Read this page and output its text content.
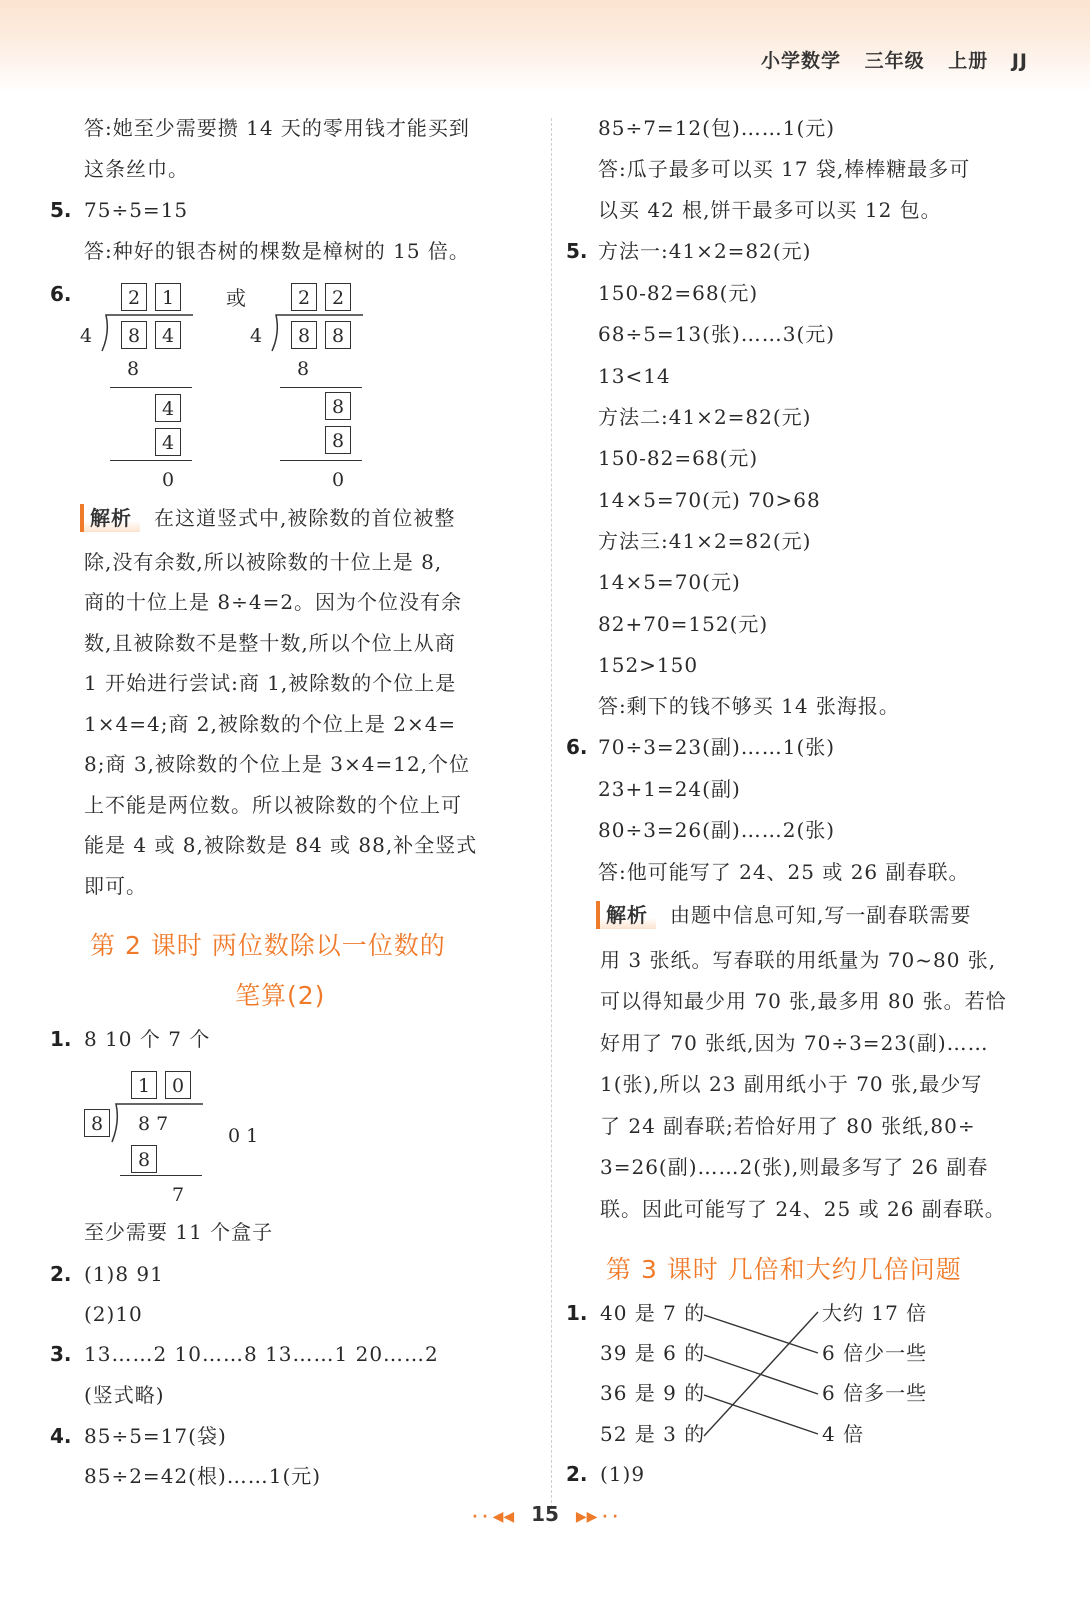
小学数学 三年级 上册 JJ
答:她至少需要攒 14 天的零用钱才能买到
这条丝巾。
5. 75÷5=15
答:种好的银杏树的棵数是樟树的 15 倍。
6.	2	1
4	8	4
8
4
4
0
或	2	2
4	8	8
8
8
8
0
解析 在这道竖式中,被除数的首位被整
除,没有余数,所以被除数的十位上是 8,
商的十位上是 8÷4=2。因为个位没有余
数,且被除数不是整十数,所以个位上从商
1 开始进行尝试:商 1,被除数的个位上是
1×4=4;商 2,被除数的个位上是 2×4=
8;商 3,被除数的个位上是 3×4=12,个位
上不能是两位数。所以被除数的个位上可
能是 4 或 8,被除数是 84 或 88,补全竖式
即可。
第 2 课时 两位数除以一位数的
笔算(2)
1. 8 10 个 7 个
1	0
8	8 7
8
7
0 1
至少需要 11 个盒子
2. (1)8 91
(2)10
3. 13……2 10……8 13……1 20……2
(竖式略)
4. 85÷5=17(袋)
85÷2=42(根)……1(元)
85÷7=12(包)……1(元)
答:瓜子最多可以买 17 袋,棒棒糖最多可
以买 42 根,饼干最多可以买 12 包。
5. 方法一:41×2=82(元)
150-82=68(元)
68÷5=13(张)……3(元)
13<14
方法二:41×2=82(元)
150-82=68(元)
14×5=70(元) 70>68
方法三:41×2=82(元)
14×5=70(元)
82+70=152(元)
152>150
答:剩下的钱不够买 14 张海报。
6. 70÷3=23(副)……1(张)
23+1=24(副)
80÷3=26(副)……2(张)
答:他可能写了 24、25 或 26 副春联。
解析 由题中信息可知,写一副春联需要
用 3 张纸。写春联的用纸量为 70~80 张,
可以得知最少用 70 张,最多用 80 张。若恰
好用了 70 张纸,因为 70÷3=23(副)……
1(张),所以 23 副用纸小于 70 张,最少写
了 24 副春联;若恰好用了 80 张纸,80÷
3=26(副)……2(张),则最多写了 26 副春
联。因此可能写了 24、25 或 26 副春联。
第 3 课时 几倍和大约几倍问题
1. 40 是 7 的
39 是 6 的
36 是 9 的
52 是 3 的
大约 17 倍
6 倍少一些
6 倍多一些
4 倍
2. (1)9
· · ◀◀ 15 ▶▶ · ·
